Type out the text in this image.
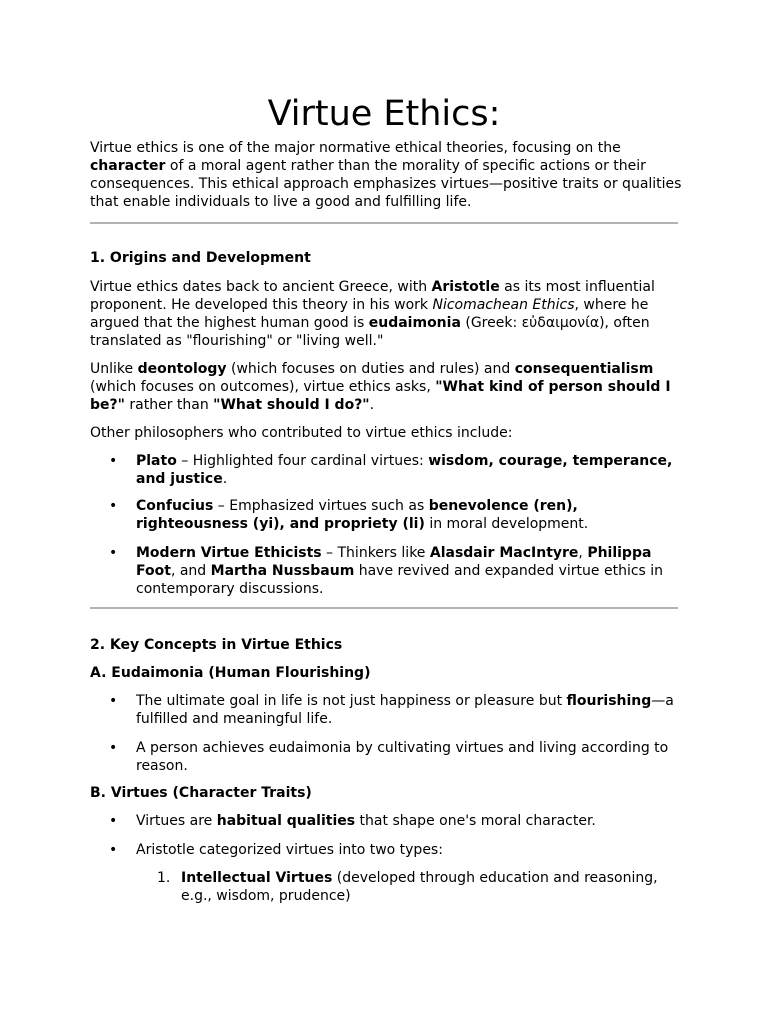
Virtue Ethics:

Virtue ethics is one of the major normative ethical theories, focusing on the character of a moral agent rather than the morality of specific actions or their consequences. This ethical approach emphasizes virtues—positive traits or qualities that enable individuals to live a good and fulfilling life.

1. Origins and Development

Virtue ethics dates back to ancient Greece, with Aristotle as its most influential proponent. He developed this theory in his work Nicomachean Ethics, where he argued that the highest human good is eudaimonia (Greek: εὐδαιμονία), often translated as "flourishing" or "living well."

Unlike deontology (which focuses on duties and rules) and consequentialism (which focuses on outcomes), virtue ethics asks, "What kind of person should I be?" rather than "What should I do?".

Other philosophers who contributed to virtue ethics include:

• Plato – Highlighted four cardinal virtues: wisdom, courage, temperance, and justice.

• Confucius – Emphasized virtues such as benevolence (ren), righteousness (yi), and propriety (li) in moral development.

• Modern Virtue Ethicists – Thinkers like Alasdair MacIntyre, Philippa Foot, and Martha Nussbaum have revived and expanded virtue ethics in contemporary discussions.

2. Key Concepts in Virtue Ethics

A. Eudaimonia (Human Flourishing)

• The ultimate goal in life is not just happiness or pleasure but flourishing—a fulfilled and meaningful life.

• A person achieves eudaimonia by cultivating virtues and living according to reason.

B. Virtues (Character Traits)

• Virtues are habitual qualities that shape one's moral character.

• Aristotle categorized virtues into two types:

1. Intellectual Virtues (developed through education and reasoning, e.g., wisdom, prudence)
